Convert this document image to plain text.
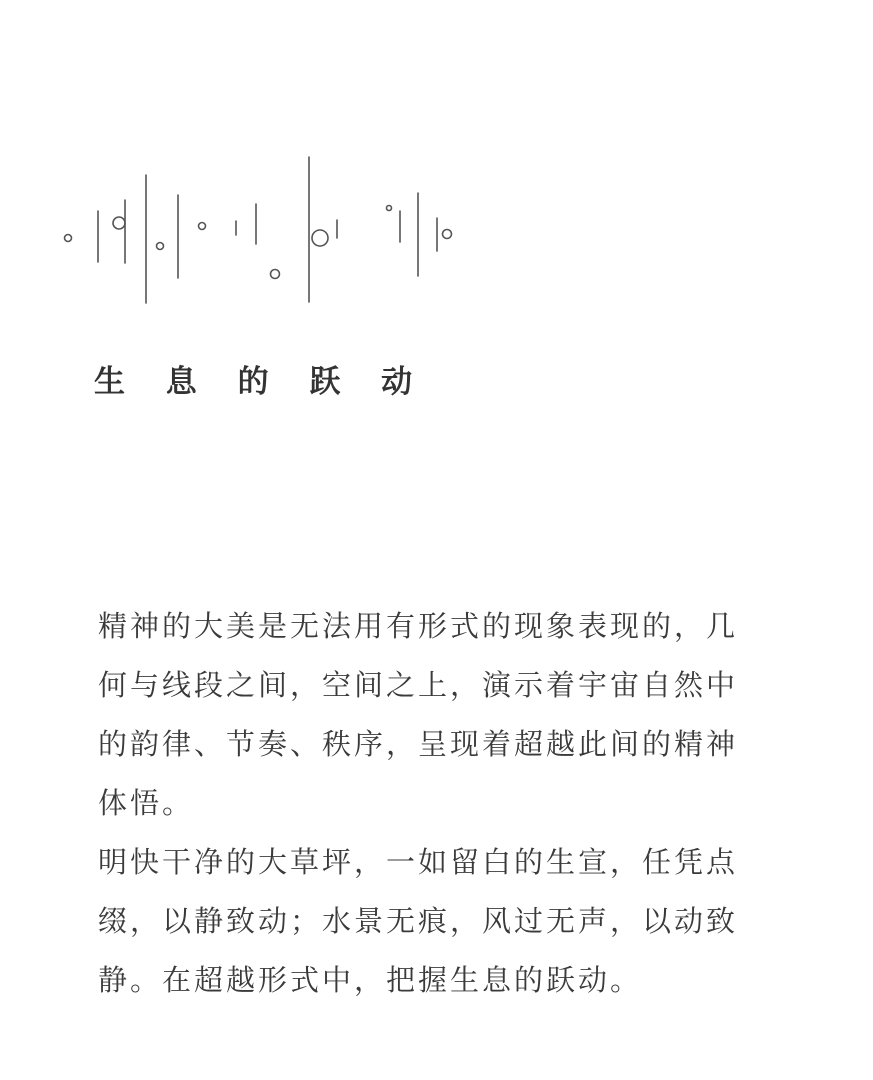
生 息 的 跃 动

精神的大美是无法用有形式的现象表现的，几何与线段之间，空间之上，演示着宇宙自然中的韵律、节奏、秩序，呈现着超越此间的精神体悟。

明快干净的大草坪，一如留白的生宣，任凭点缀，以静致动；水景无痕，风过无声，以动致静。在超越形式中，把握生息的跃动。
